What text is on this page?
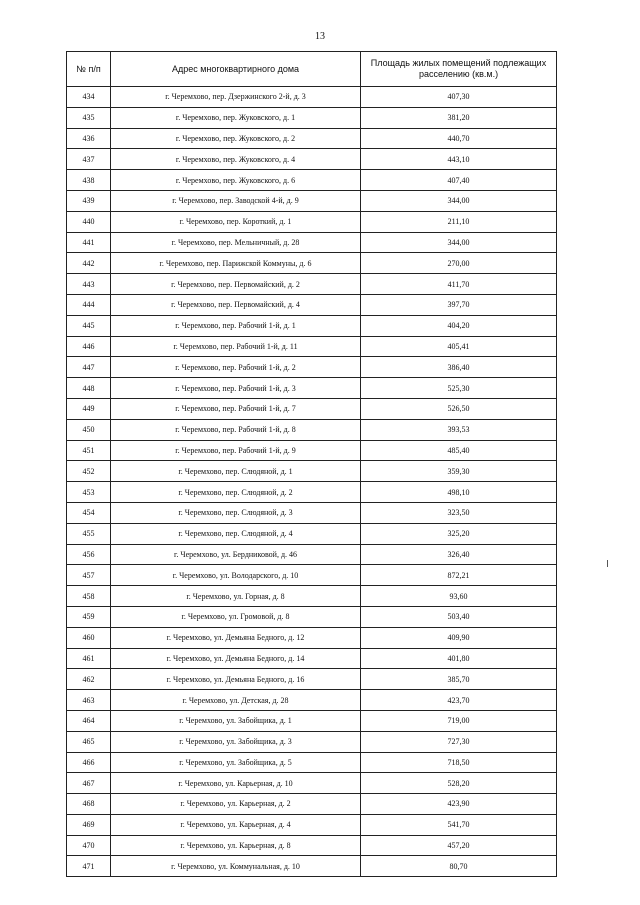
13
№ п/п	Адрес многоквартирного дома	Площадь жилых помещений подлежащих расселению (кв.м.)
434	г. Черемхово, пер. Дзержинского 2-й, д. 3	407,30
435	г. Черемхово, пер. Жуковского, д. 1	381,20
436	г. Черемхово, пер. Жуковского, д. 2	440,70
437	г. Черемхово, пер. Жуковского, д. 4	443,10
438	г. Черемхово, пер. Жуковского, д. 6	407,40
439	г. Черемхово, пер. Заводской 4-й, д. 9	344,00
440	г. Черемхово, пер. Короткий, д. 1	211,10
441	г. Черемхово, пер. Мельничный, д. 28	344,00
442	г. Черемхово, пер. Парижской Коммуны, д. 6	270,00
443	г. Черемхово, пер. Первомайский, д. 2	411,70
444	г. Черемхово, пер. Первомайский, д. 4	397,70
445	г. Черемхово, пер. Рабочий 1-й, д. 1	404,20
446	г. Черемхово, пер. Рабочий 1-й, д. 11	405,41
447	г. Черемхово, пер. Рабочий 1-й, д. 2	386,40
448	г. Черемхово, пер. Рабочий 1-й, д. 3	525,30
449	г. Черемхово, пер. Рабочий 1-й, д. 7	526,50
450	г. Черемхово, пер. Рабочий 1-й, д. 8	393,53
451	г. Черемхово, пер. Рабочий 1-й, д. 9	485,40
452	г. Черемхово, пер. Слюдяной, д. 1	359,30
453	г. Черемхово, пер. Слюдяной, д. 2	498,10
454	г. Черемхово, пер. Слюдяной, д. 3	323,50
455	г. Черемхово, пер. Слюдяной, д. 4	325,20
456	г. Черемхово, ул. Бердниковой, д. 46	326,40
457	г. Черемхово, ул. Володарского, д. 10	872,21
458	г. Черемхово, ул. Горная, д. 8	93,60
459	г. Черемхово, ул. Громовой, д. 8	503,40
460	г. Черемхово, ул. Демьяна Бедного, д. 12	409,90
461	г. Черемхово, ул. Демьяна Бедного, д. 14	401,80
462	г. Черемхово, ул. Демьяна Бедного, д. 16	385,70
463	г. Черемхово, ул. Детская, д. 28	423,70
464	г. Черемхово, ул. Забойщика, д. 1	719,00
465	г. Черемхово, ул. Забойщика, д. 3	727,30
466	г. Черемхово, ул. Забойщика, д. 5	718,50
467	г. Черемхово, ул. Карьерная, д. 10	528,20
468	г. Черемхово, ул. Карьерная, д. 2	423,90
469	г. Черемхово, ул. Карьерная, д. 4	541,70
470	г. Черемхово, ул. Карьерная, д. 8	457,20
471	г. Черемхово, ул. Коммунальная, д. 10	80,70
